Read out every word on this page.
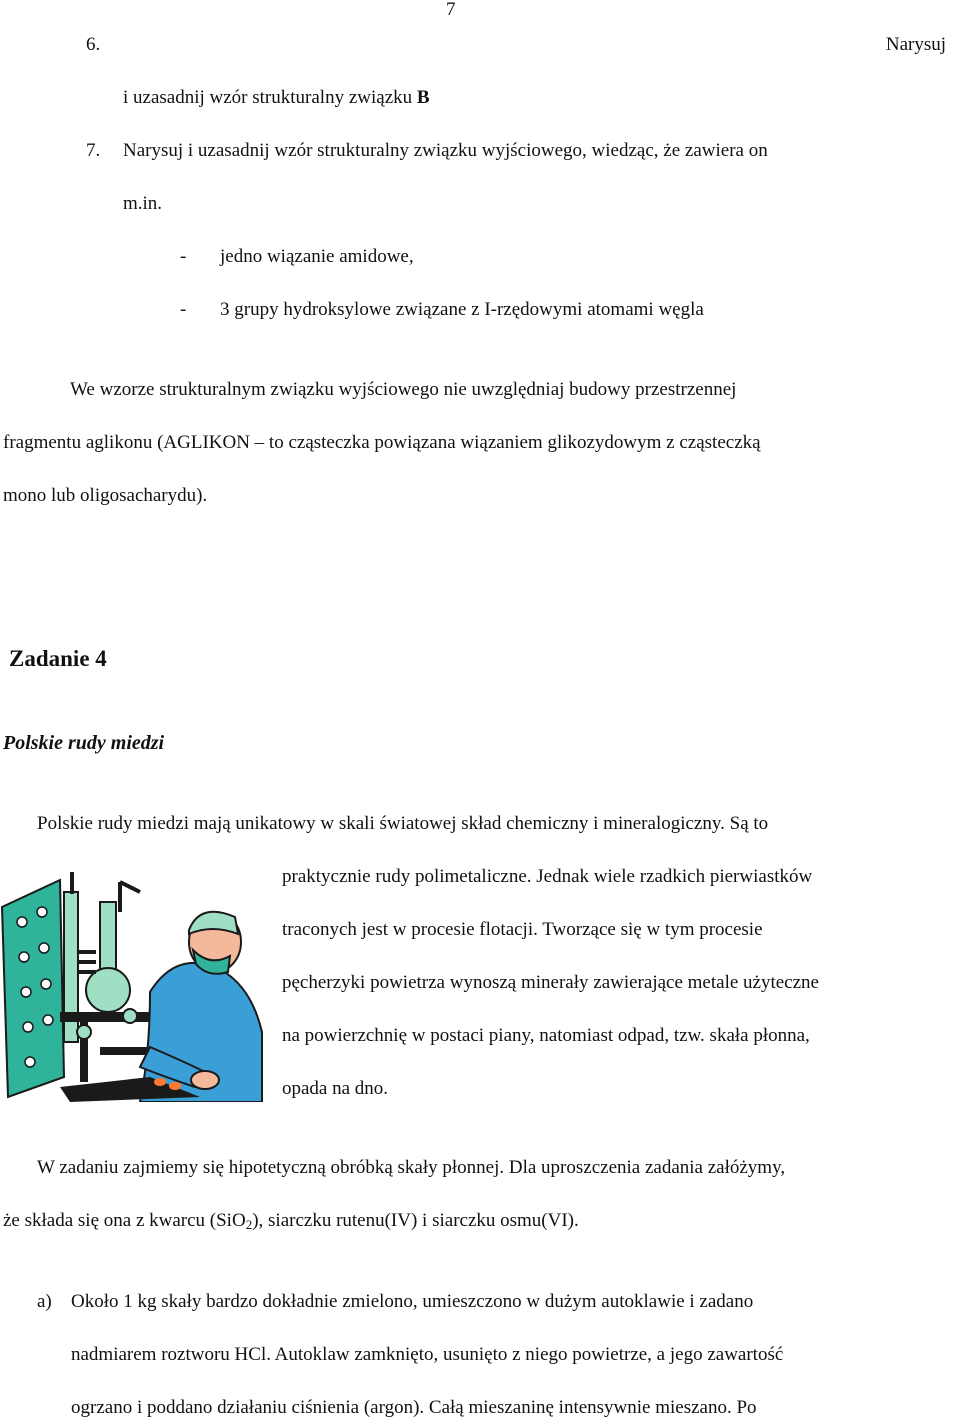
7
6.	Narysuj
i uzasadnij wzór strukturalny związku B
7. Narysuj i uzasadnij wzór strukturalny związku wyjściowego, wiedząc, że zawiera on
m.in.
- jedno wiązanie amidowe,
- 3 grupy hydroksylowe związane z I-rzędowymi atomami węgla
We wzorze strukturalnym związku wyjściowego nie uwzględniaj budowy przestrzennej
fragmentu aglikonu (AGLIKON – to cząsteczka powiązana wiązaniem glikozydowym z cząsteczką
mono lub oligosacharydu).
Zadanie 4
Polskie rudy miedzi
Polskie rudy miedzi mają unikatowy w skali światowej skład chemiczny i mineralogiczny. Są to
praktycznie rudy polimetaliczne. Jednak wiele rzadkich pierwiastków
traconych jest w procesie flotacji. Tworzące się w tym procesie
pęcherzyki powietrza wynoszą minerały zawierające metale użyteczne
na powierzchnię w postaci piany, natomiast odpad, tzw. skała płonna,
opada na dno.
W zadaniu zajmiemy się hipotetyczną obróbką skały płonnej. Dla uproszczenia zadania załóżymy,
że składa się ona z kwarcu (SiO$_2$), siarczku rutenu(IV) i siarczku osmu(VI).
a) Około 1 kg skały bardzo dokładnie zmielono, umieszczono w dużym autoklawie i zadano
nadmiarem roztworu HCl. Autoklaw zamknięto, usunięto z niego powietrze, a jego zawartość
ogrzano i poddano działaniu ciśnienia (argon). Całą mieszaninę intensywnie mieszano. Po
